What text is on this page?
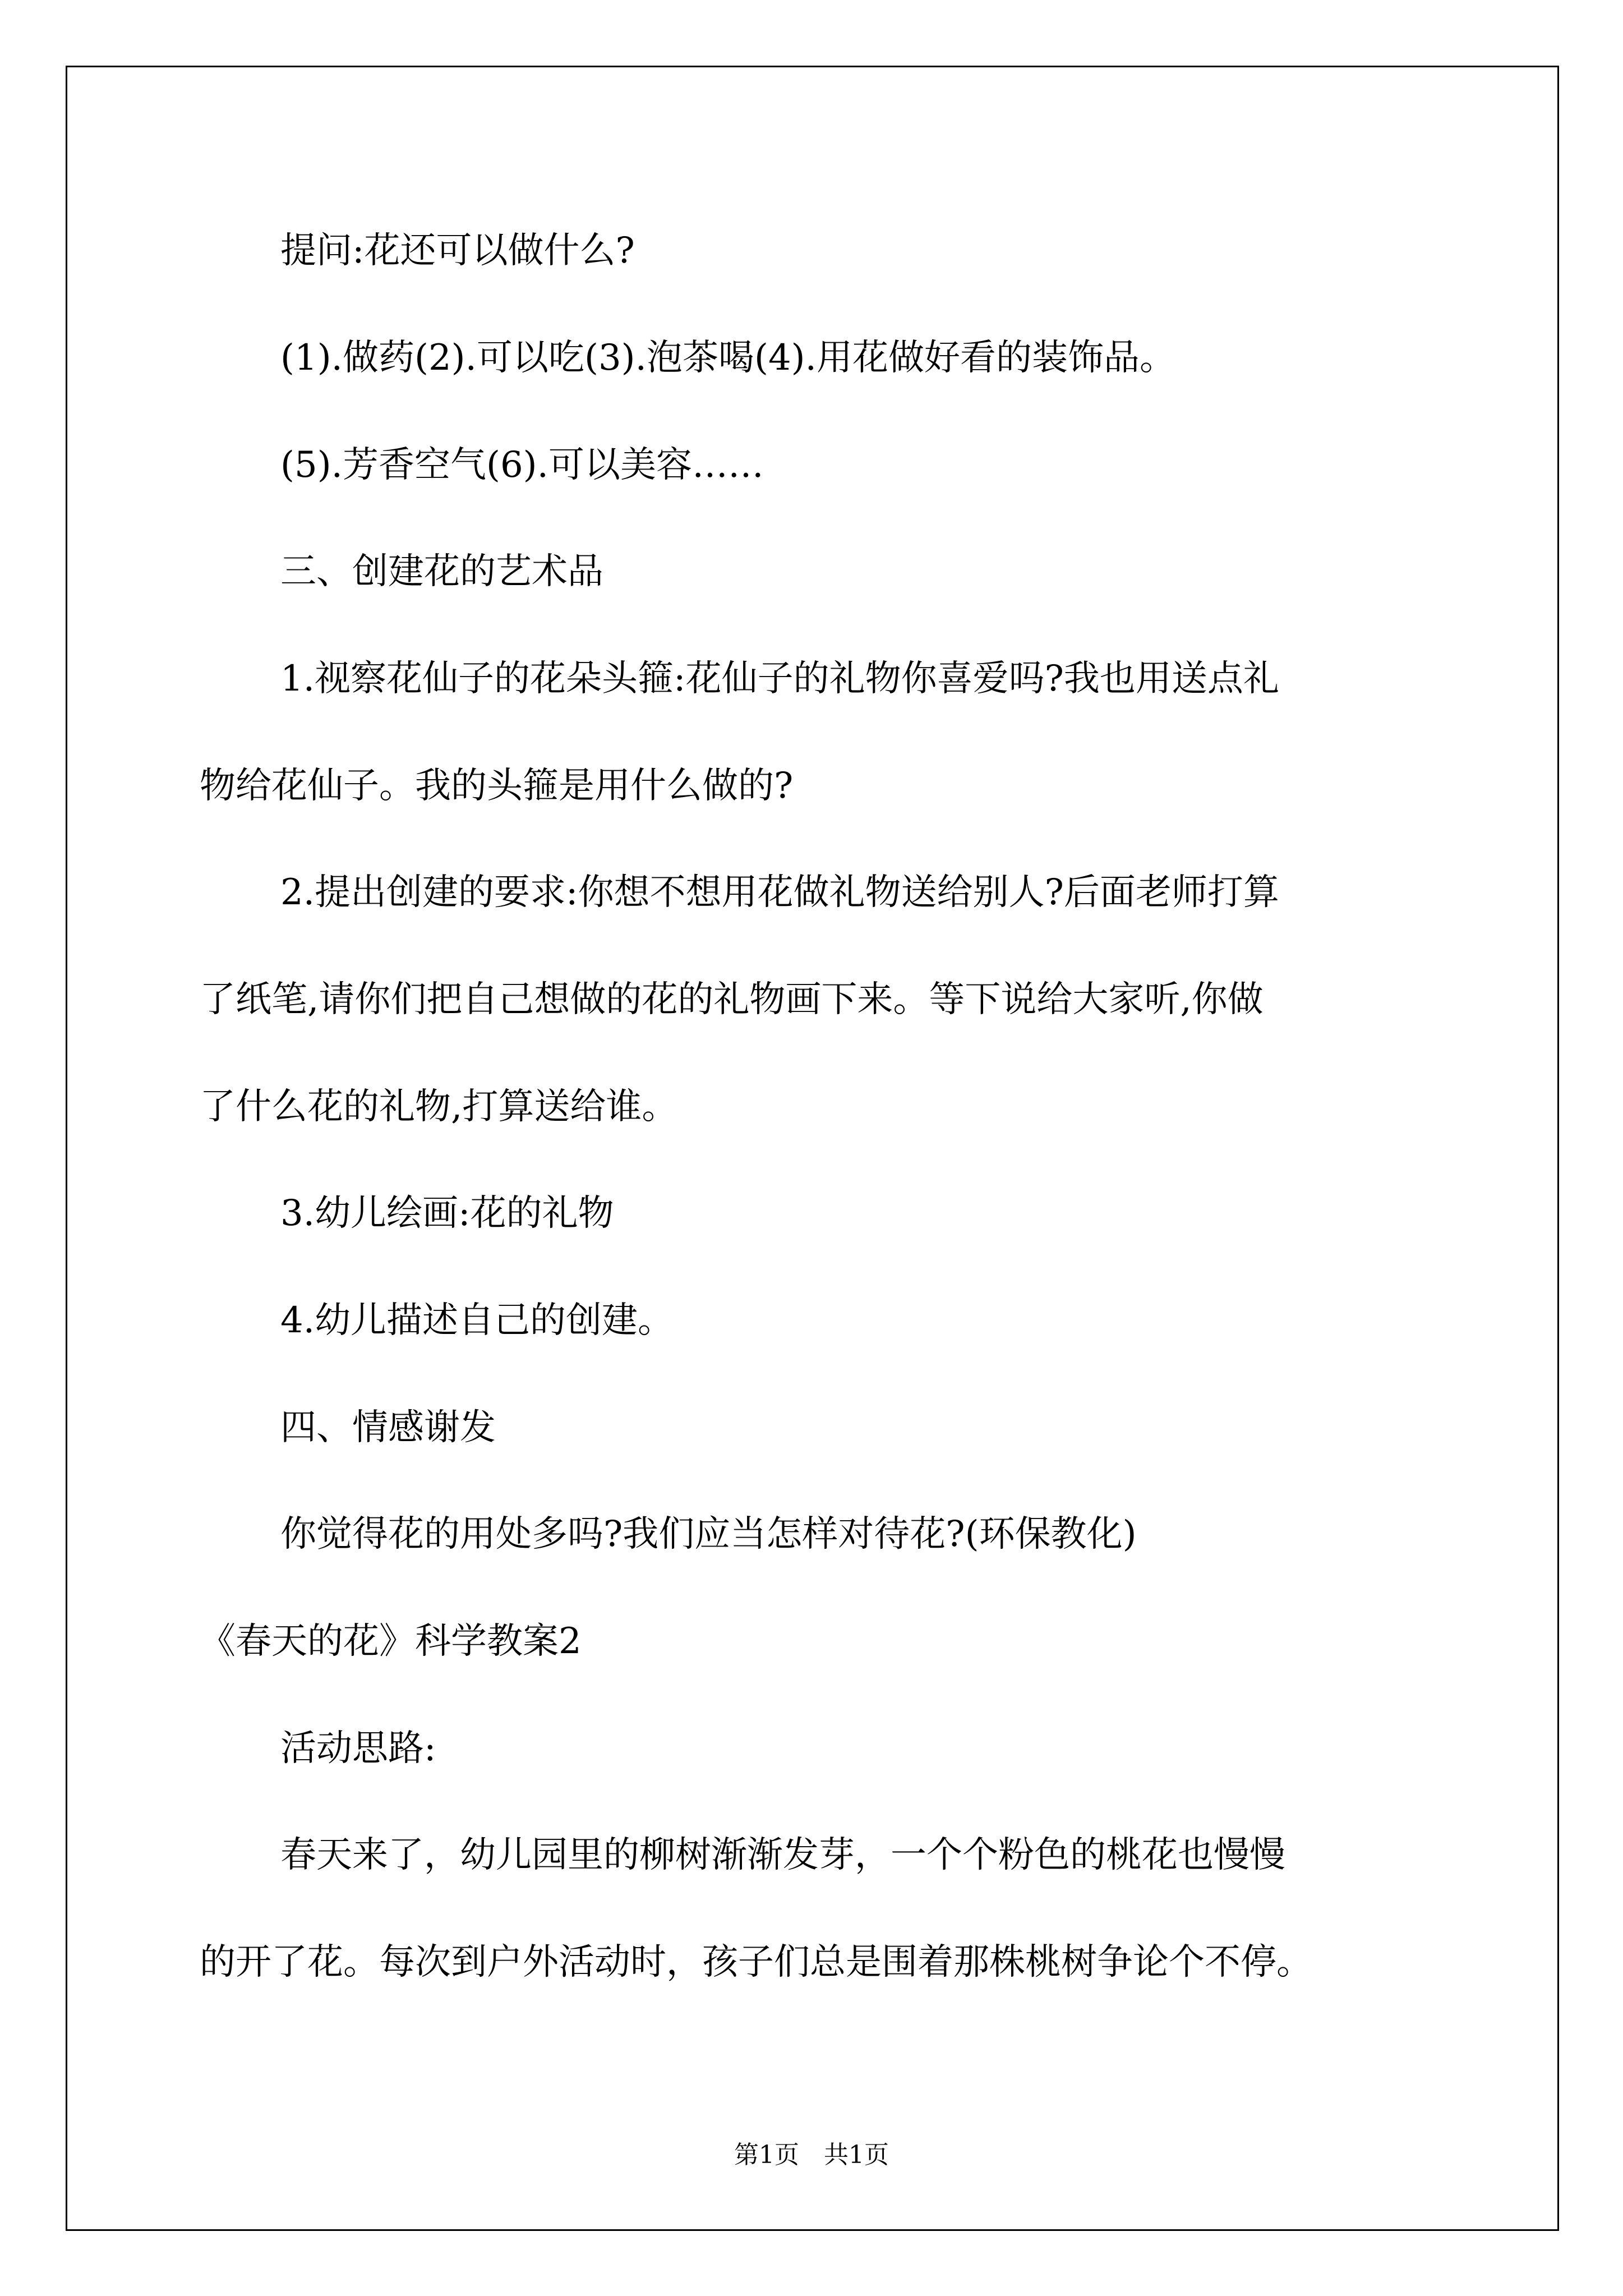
提问:花还可以做什么?
(1).做药(2).可以吃(3).泡茶喝(4).用花做好看的装饰品。
(5).芳香空气(6).可以美容……
三、创建花的艺术品
1.视察花仙子的花朵头箍:花仙子的礼物你喜爱吗?我也用送点礼
物给花仙子。我的头箍是用什么做的?
2.提出创建的要求:你想不想用花做礼物送给别人?后面老师打算
了纸笔,请你们把自己想做的花的礼物画下来。等下说给大家听,你做
了什么花的礼物,打算送给谁。
3.幼儿绘画:花的礼物
4.幼儿描述自己的创建。
四、情感谢发
你觉得花的用处多吗?我们应当怎样对待花?(环保教化)
《春天的花》科学教案2
活动思路:
春天来了，幼儿园里的柳树渐渐发芽，一个个粉色的桃花也慢慢
的开了花。每次到户外活动时，孩子们总是围着那株桃树争论个不停。
第1页　共1页
